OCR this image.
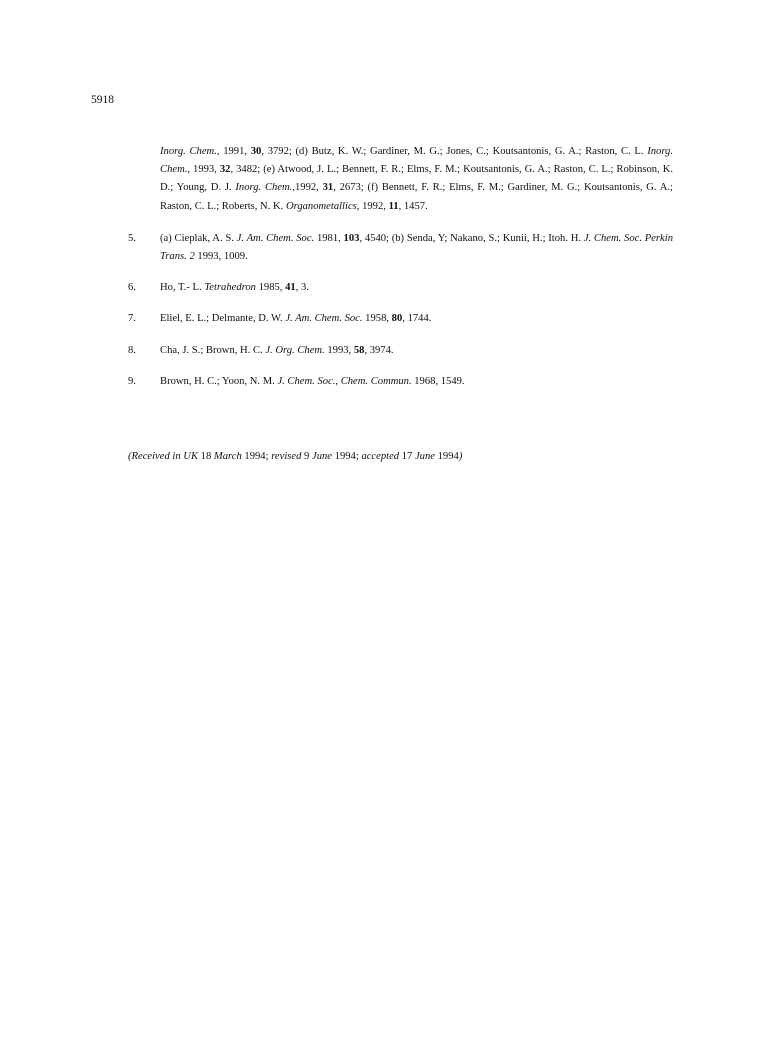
5918
Inorg. Chem., 1991, 30, 3792; (d) Butz, K. W.; Gardiner, M. G.; Jones, C.; Koutsantonis, G. A.; Raston, C. L. Inorg. Chem., 1993, 32, 3482; (e) Atwood, J. L.; Bennett, F. R.; Elms, F. M.; Koutsantonis, G. A.; Raston, C. L.; Robinson, K. D.; Young, D. J. Inorg. Chem.,1992, 31, 2673; (f) Bennett, F. R.; Elms, F. M.; Gardiner, M. G.; Koutsantonis, G. A.; Raston, C. L.; Roberts, N. K. Organometallics, 1992, 11, 1457.
5.	(a) Cieplak, A. S. J. Am. Chem. Soc. 1981, 103, 4540; (b) Senda, Y; Nakano, S.; Kunii, H.; Itoh. H. J. Chem. Soc. Perkin Trans. 2 1993, 1009.
6.	Ho, T.- L. Tetrahedron 1985, 41, 3.
7.	Eliel, E. L.; Delmante, D. W. J. Am. Chem. Soc. 1958, 80, 1744.
8.	Cha, J. S.; Brown, H. C. J. Org. Chem. 1993, 58, 3974.
9.	Brown, H. C.; Yoon, N. M. J. Chem. Soc., Chem. Commun. 1968, 1549.
(Received in UK 18 March 1994; revised 9 June 1994; accepted 17 June 1994)
